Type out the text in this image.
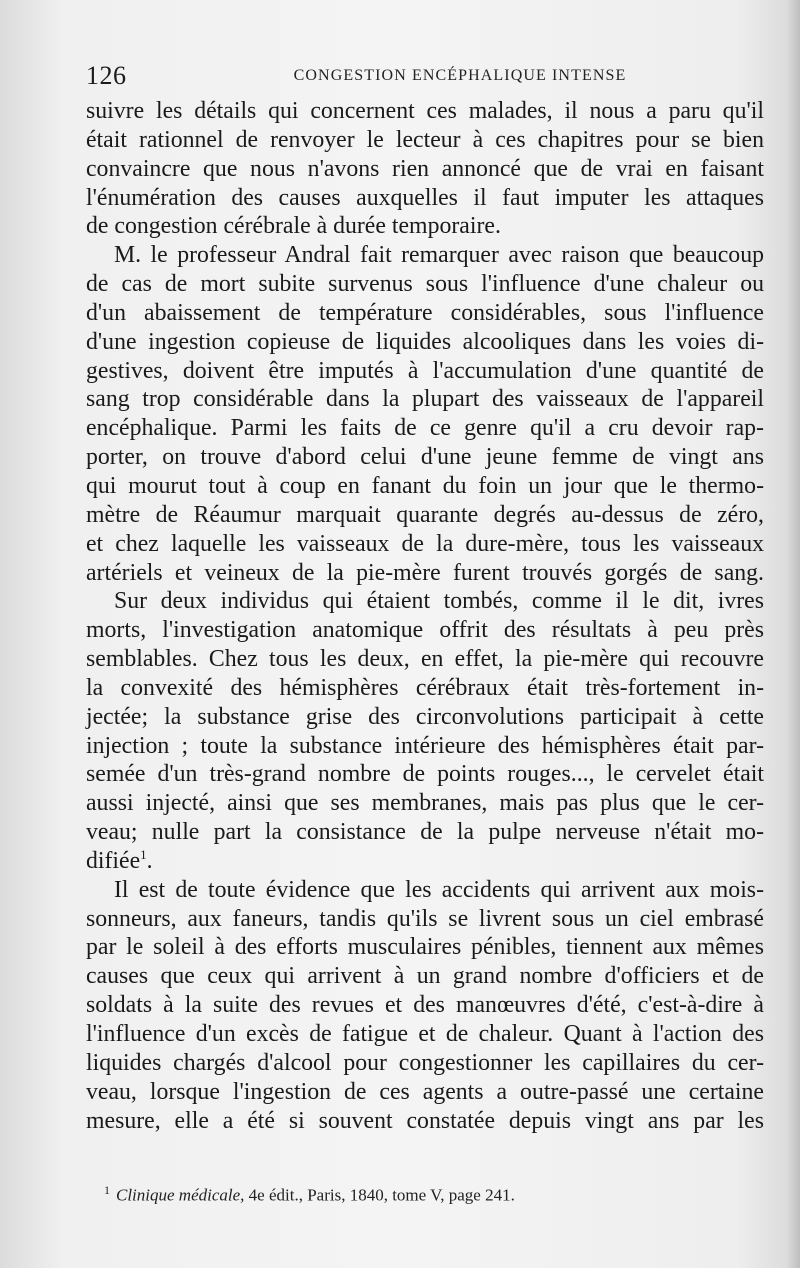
126	CONGESTION ENCÉPHALIQUE INTENSE
suivre les détails qui concernent ces malades, il nous a paru qu'il
était rationnel de renvoyer le lecteur à ces chapitres pour se bien
convaincre que nous n'avons rien annoncé que de vrai en faisant
l'énumération des causes auxquelles il faut imputer les attaques
de congestion cérébrale à durée temporaire.
M. le professeur Andral fait remarquer avec raison que beaucoup
de cas de mort subite survenus sous l'influence d'une chaleur ou
d'un abaissement de température considérables, sous l'influence
d'une ingestion copieuse de liquides alcooliques dans les voies di-
gestives, doivent être imputés à l'accumulation d'une quantité de
sang trop considérable dans la plupart des vaisseaux de l'appareil
encéphalique. Parmi les faits de ce genre qu'il a cru devoir rap-
porter, on trouve d'abord celui d'une jeune femme de vingt ans
qui mourut tout à coup en fanant du foin un jour que le thermo-
mètre de Réaumur marquait quarante degrés au-dessus de zéro,
et chez laquelle les vaisseaux de la dure-mère, tous les vaisseaux
artériels et veineux de la pie-mère furent trouvés gorgés de sang.
Sur deux individus qui étaient tombés, comme il le dit, ivres
morts, l'investigation anatomique offrit des résultats à peu près
semblables. Chez tous les deux, en effet, la pie-mère qui recouvre
la convexité des hémisphères cérébraux était très-fortement in-
jectée; la substance grise des circonvolutions participait à cette
injection ; toute la substance intérieure des hémisphères était par-
semée d'un très-grand nombre de points rouges..., le cervelet était
aussi injecté, ainsi que ses membranes, mais pas plus que le cer-
veau; nulle part la consistance de la pulpe nerveuse n'était mo-
difiée$^1$.
Il est de toute évidence que les accidents qui arrivent aux mois-
sonneurs, aux faneurs, tandis qu'ils se livrent sous un ciel embrasé
par le soleil à des efforts musculaires pénibles, tiennent aux mêmes
causes que ceux qui arrivent à un grand nombre d'officiers et de
soldats à la suite des revues et des manœuvres d'été, c'est-à-dire à
l'influence d'un excès de fatigue et de chaleur. Quant à l'action des
liquides chargés d'alcool pour congestionner les capillaires du cer-
veau, lorsque l'ingestion de ces agents a outre-passé une certaine
mesure, elle a été si souvent constatée depuis vingt ans par les
$^1$ Clinique médicale, 4e édit., Paris, 1840, tome V, page 241.
